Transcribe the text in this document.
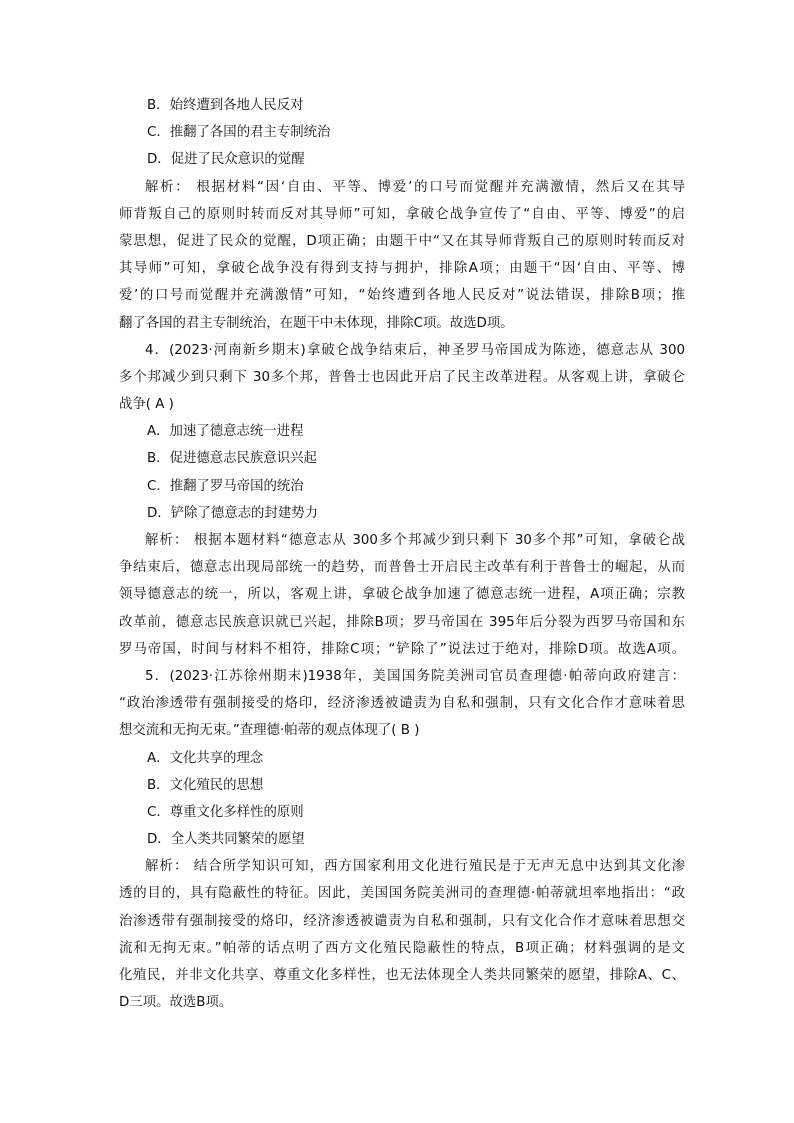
B．始终遭到各地人民反对
C．推翻了各国的君主专制统治
D．促进了民众意识的觉醒
解析： 根据材料“因‘自由、平等、博爱’的口号而觉醒并充满激情，然后又在其导
师背叛自己的原则时转而反对其导师”可知，拿破仑战争宣传了“自由、平等、博爱”的启
蒙思想，促进了民众的觉醒，D项正确；由题干中“又在其导师背叛自己的原则时转而反对
其导师”可知，拿破仑战争没有得到支持与拥护，排除A项；由题干“因‘自由、平等、博
爱’的口号而觉醒并充满激情”可知，“始终遭到各地人民反对”说法错误，排除B项；推
翻了各国的君主专制统治，在题干中未体现，排除C项。故选D项。
4．(2023·河南新乡期末)拿破仑战争结束后，神圣罗马帝国成为陈迹，德意志从 300
多个邦减少到只剩下 30多个邦，普鲁士也因此开启了民主改革进程。从客观上讲，拿破仑
战争( A )
A．加速了德意志统一进程
B．促进德意志民族意识兴起
C．推翻了罗马帝国的统治
D．铲除了德意志的封建势力
解析： 根据本题材料“德意志从 300多个邦减少到只剩下 30多个邦”可知，拿破仑战
争结束后，德意志出现局部统一的趋势，而普鲁士开启民主改革有利于普鲁士的崛起，从而
领导德意志的统一，所以，客观上讲，拿破仑战争加速了德意志统一进程，A项正确；宗教
改革前，德意志民族意识就已兴起，排除B项；罗马帝国在 395年后分裂为西罗马帝国和东
罗马帝国，时间与材料不相符，排除C项；“铲除了”说法过于绝对，排除D项。故选A项。
5．(2023·江苏徐州期末)1938年，美国国务院美洲司官员查理德·帕蒂向政府建言：
“政治渗透带有强制接受的烙印，经济渗透被谴责为自私和强制，只有文化合作才意味着思
想交流和无拘无束。”查理德·帕蒂的观点体现了( B )
A．文化共享的理念
B．文化殖民的思想
C．尊重文化多样性的原则
D．全人类共同繁荣的愿望
解析： 结合所学知识可知，西方国家利用文化进行殖民是于无声无息中达到其文化渗
透的目的，具有隐蔽性的特征。因此，美国国务院美洲司的查理德·帕蒂就坦率地指出：“政
治渗透带有强制接受的烙印，经济渗透被谴责为自私和强制，只有文化合作才意味着思想交
流和无拘无束。”帕蒂的话点明了西方文化殖民隐蔽性的特点，B项正确；材料强调的是文
化殖民，并非文化共享、尊重文化多样性，也无法体现全人类共同繁荣的愿望，排除A、C、
D三项。故选B项。
